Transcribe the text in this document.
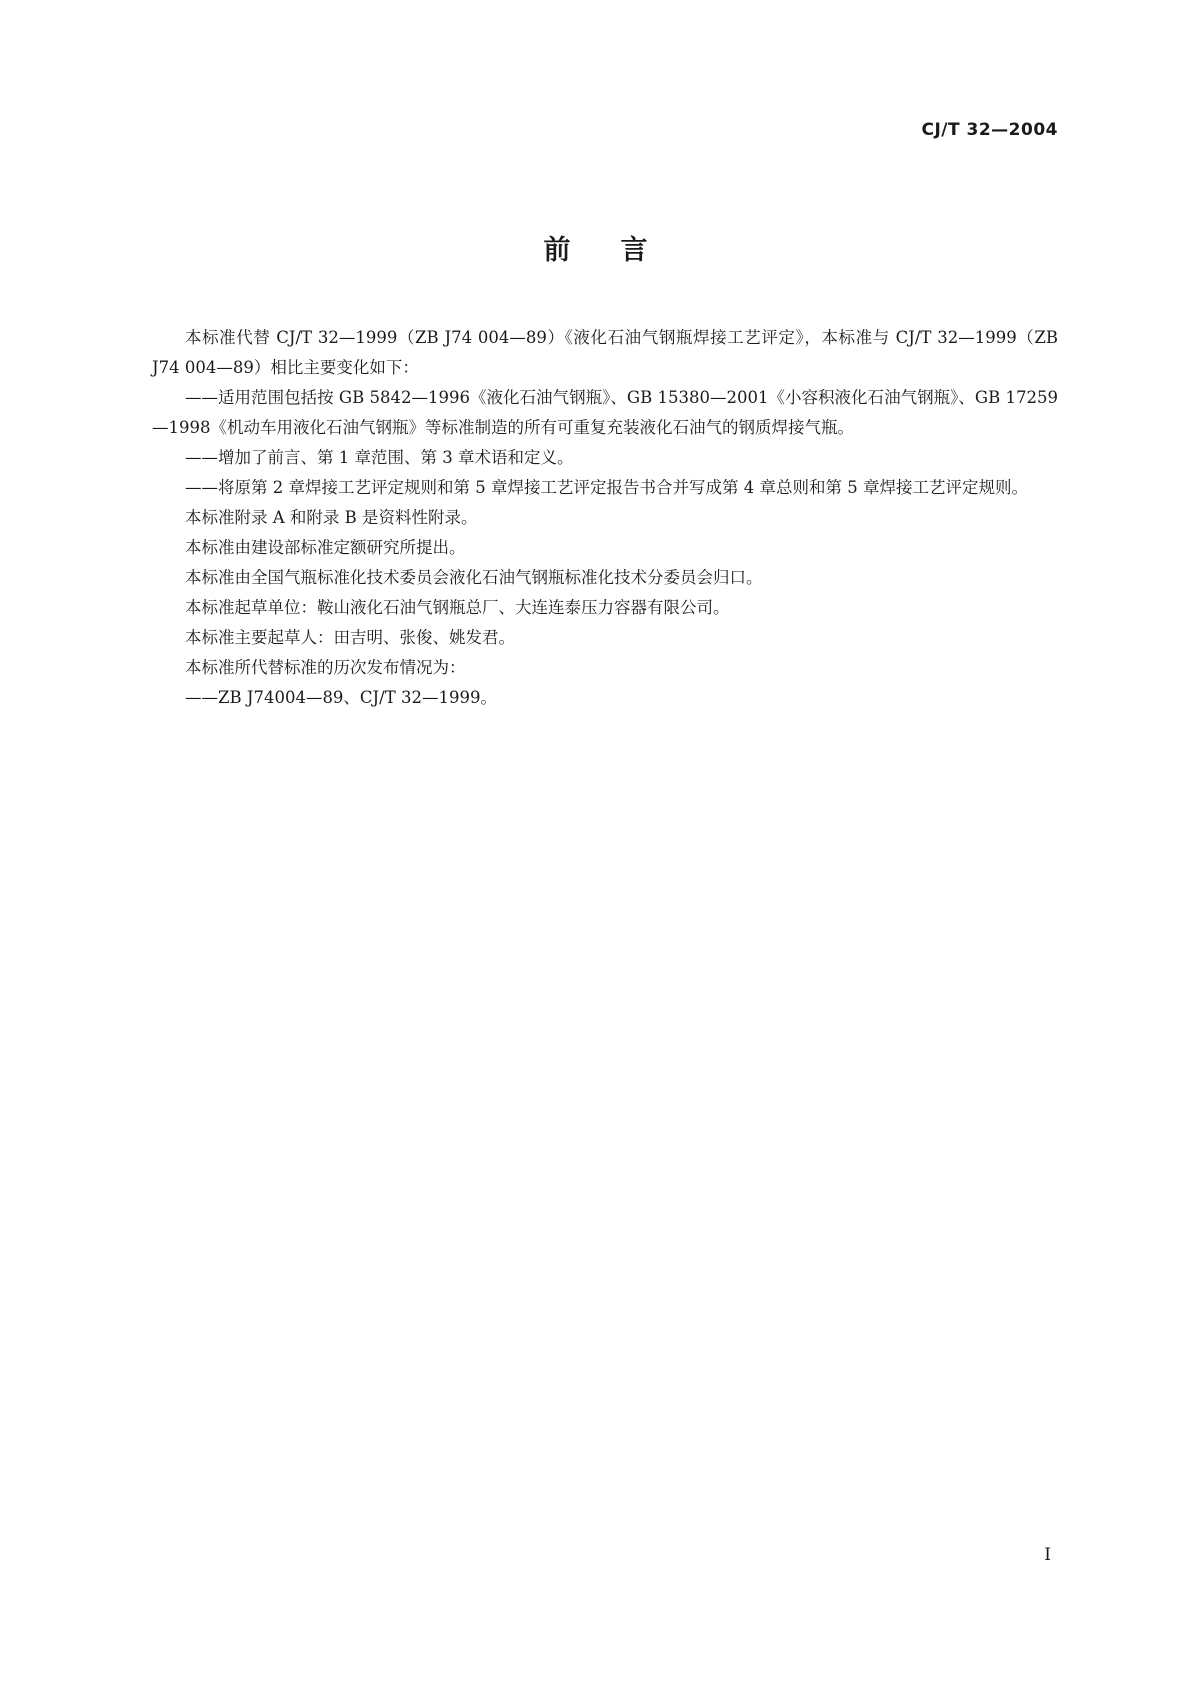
CJ/T 32—2004
前 言

本标准代替 CJ/T 32—1999（ZB J74 004—89）《液化石油气钢瓶焊接工艺评定》，本标准与 CJ/T 32—1999（ZB J74 004—89）相比主要变化如下：

——适用范围包括按 GB 5842—1996《液化石油气钢瓶》、GB 15380—2001《小容积液化石油气钢瓶》、GB 17259—1998《机动车用液化石油气钢瓶》等标准制造的所有可重复充装液化石油气的钢质焊接气瓶。

——增加了前言、第 1 章范围、第 3 章术语和定义。

——将原第 2 章焊接工艺评定规则和第 5 章焊接工艺评定报告书合并写成第 4 章总则和第 5 章焊接工艺评定规则。

本标准附录 A 和附录 B 是资料性附录。

本标准由建设部标准定额研究所提出。

本标准由全国气瓶标准化技术委员会液化石油气钢瓶标准化技术分委员会归口。

本标准起草单位：鞍山液化石油气钢瓶总厂、大连连泰压力容器有限公司。

本标准主要起草人：田吉明、张俊、姚发君。

本标准所代替标准的历次发布情况为：

——ZB J74004—89、CJ/T 32—1999。

I
